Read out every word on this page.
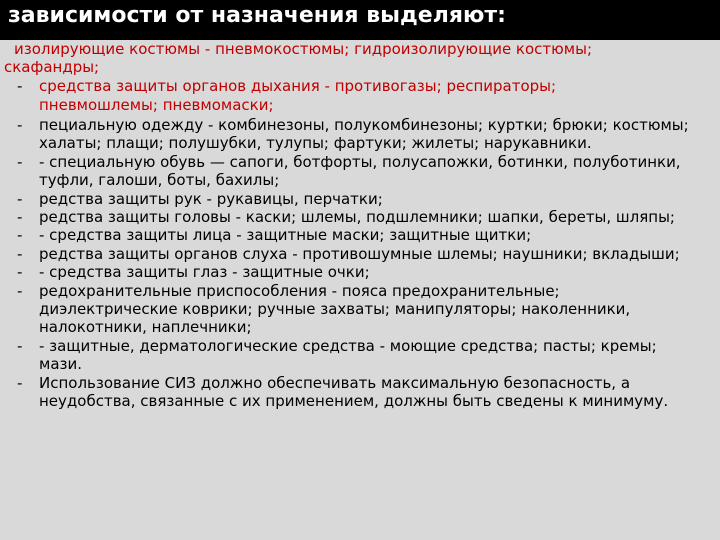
зависимости от назначения выделяют:
изолирующие костюмы - пневмокостюмы; гидроизолирующие костюмы;
скафандры;
- средства защиты органов дыхания - противогазы; респираторы;
пневмошлемы; пневмомаски;
- пециальную одежду - комбинезоны, полукомбинезоны; куртки; брюки; костюмы; халаты; плащи; полушубки, тулупы; фартуки; жилеты; нарукавники.
- - специальную обувь — сапоги, ботфорты, полусапожки, ботинки, полуботинки, туфли, галоши, боты, бахилы;
- редства защиты рук - рукавицы, перчатки;
- редства защиты головы - каски; шлемы, подшлемники; шапки, береты, шляпы;
- - средства защиты лица - защитные маски; защитные щитки;
- редства защиты органов слуха - противошумные шлемы; наушники; вкладыши;
- - средства защиты глаз - защитные очки;
- редохранительные приспособления - пояса предохранительные; диэлектрические коврики; ручные захваты; манипуляторы; наколенники, налокотники, наплечники;
- - защитные, дерматологические средства - моющие средства; пасты; кремы; мази.
- Использование СИЗ должно обеспечивать максимальную безопасность, а неудобства, связанные с их применением, должны быть сведены к минимуму.
